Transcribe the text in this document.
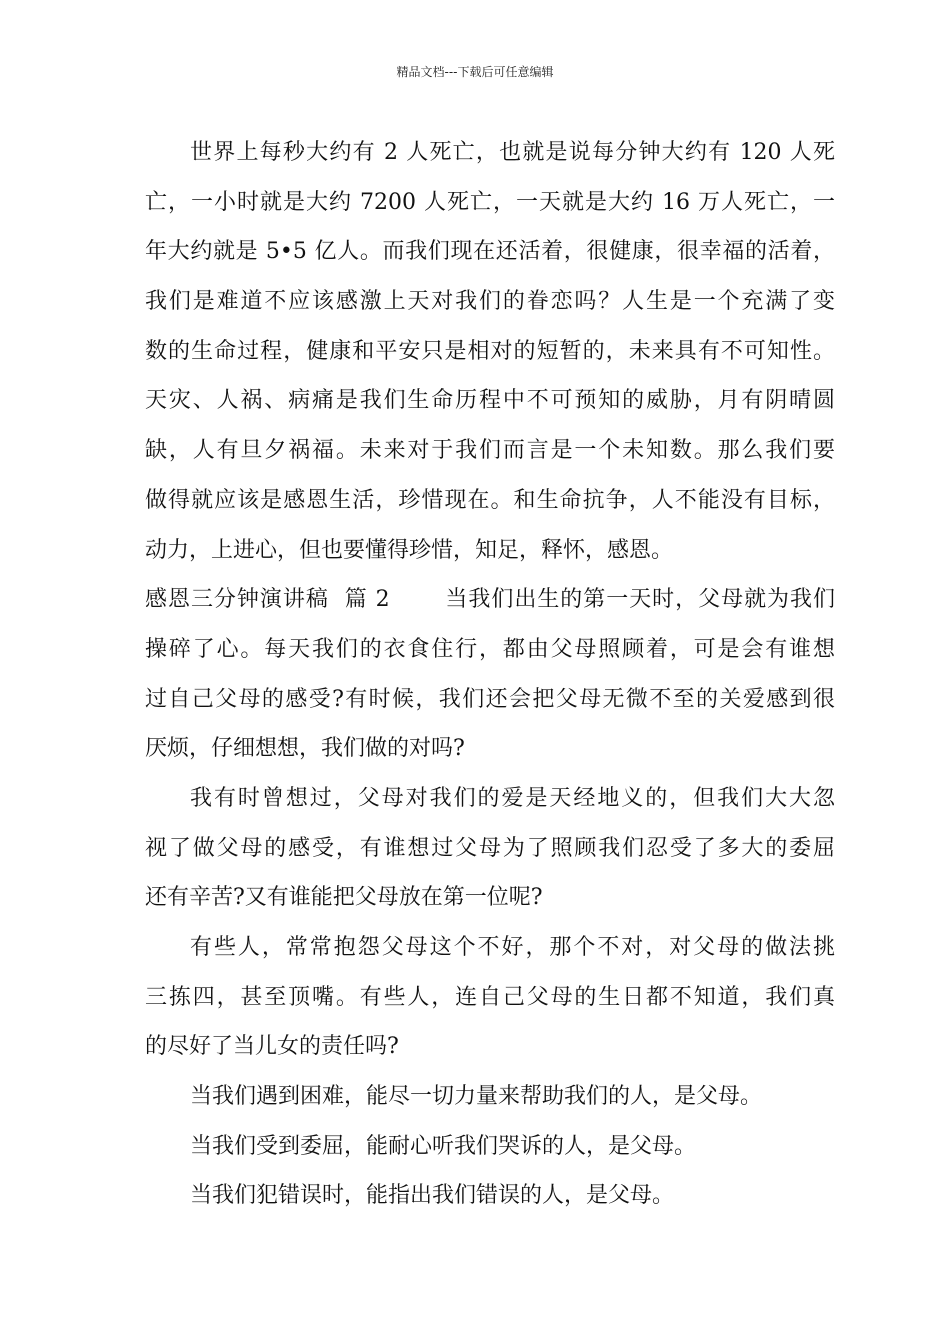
精品文档---下载后可任意编辑
世界上每秒大约有 2 人死亡，也就是说每分钟大约有 120 人死
亡，一小时就是大约 7200 人死亡，一天就是大约 16 万人死亡，一
年大约就是 5•5 亿人。而我们现在还活着，很健康，很幸福的活着，
我们是难道不应该感激上天对我们的眷恋吗？人生是一个充满了变
数的生命过程，健康和平安只是相对的短暂的，未来具有不可知性。
天灾、人祸、病痛是我们生命历程中不可预知的威胁，月有阴晴圆
缺，人有旦夕祸福。未来对于我们而言是一个未知数。那么我们要
做得就应该是感恩生活，珍惜现在。和生命抗争，人不能没有目标，
动力，上进心，但也要懂得珍惜，知足，释怀，感恩。
感恩三分钟演讲稿  篇 2       当我们出生的第一天时，父母就为我们
操碎了心。每天我们的衣食住行，都由父母照顾着，可是会有谁想
过自己父母的感受?有时候，我们还会把父母无微不至的关爱感到很
厌烦，仔细想想，我们做的对吗?
我有时曾想过，父母对我们的爱是天经地义的，但我们大大忽
视了做父母的感受，有谁想过父母为了照顾我们忍受了多大的委屈
还有辛苦?又有谁能把父母放在第一位呢?
有些人，常常抱怨父母这个不好，那个不对，对父母的做法挑
三拣四，甚至顶嘴。有些人，连自己父母的生日都不知道，我们真
的尽好了当儿女的责任吗?
当我们遇到困难，能尽一切力量来帮助我们的人，是父母。
当我们受到委屈，能耐心听我们哭诉的人，是父母。
当我们犯错误时，能指出我们错误的人，是父母。
